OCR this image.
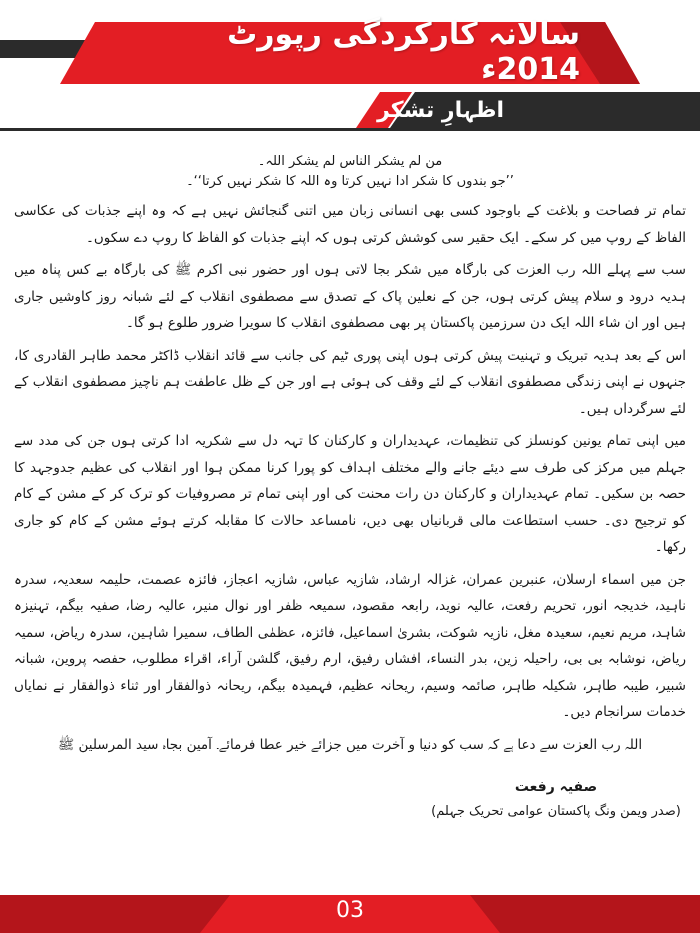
سالانہ کارکردگی رپورٹ 2014ء
اظہارِ تشکر
من لم یشکر الناس لم یشکر اللہ۔
’’جو بندوں کا شکر ادا نہیں کرتا وہ اللہ کا شکر نہیں کرتا‘‘۔

تمام تر فصاحت و بلاغت کے باوجود کسی بھی انسانی زبان میں اتنی گنجائش نہیں ہے کہ وہ اپنے جذبات کی عکاسی الفاظ کے روپ میں کر سکے۔ ایک حقیر سی کوشش کرتی ہوں کہ اپنے جذبات کو الفاظ کا روپ دے سکوں۔

سب سے پہلے اللہ رب العزت کی بارگاہ میں شکر بجا لاتی ہوں اور حضور نبی اکرم ﷺ کی بارگاہ بے کس پناہ میں ہدیہ درود و سلام پیش کرتی ہوں، جن کے نعلین پاک کے تصدق سے مصطفوی انقلاب کے لئے شبانہ روز کاوشیں جاری ہیں اور ان شاء اللہ ایک دن سرزمین پاکستان پر بھی مصطفوی انقلاب کا سویرا ضرور طلوع ہو گا۔

اس کے بعد ہدیہ تبریک و تہنیت پیش کرتی ہوں اپنی پوری ٹیم کی جانب سے قائد انقلاب ڈاکٹر محمد طاہر القادری کا، جنہوں نے اپنی زندگی مصطفوی انقلاب کے لئے وقف کی ہوئی ہے اور جن کے ظل عاطفت ہم ناچیز مصطفوی انقلاب کے لئے سرگرداں ہیں۔

میں اپنی تمام یونین کونسلز کی تنظیمات، عہدیداران و کارکنان کا تہہ دل سے شکریہ ادا کرتی ہوں جن کی مدد سے جہلم میں مرکز کی طرف سے دیئے جانے والے مختلف اہداف کو پورا کرنا ممکن ہوا اور انقلاب کی عظیم جدوجہد کا حصہ بن سکیں۔ تمام عہدیداران و کارکنان دن رات محنت کی اور اپنی تمام تر مصروفیات کو ترک کر کے مشن کے کام کو ترجیح دی۔ حسب استطاعت مالی قربانیاں بھی دیں، نامساعد حالات کا مقابلہ کرتے ہوئے مشن کے کام کو جاری رکھا۔

جن میں اسماء ارسلان، عنبرین عمران، غزالہ ارشاد، شازیہ عباس، شازیہ اعجاز، فائزہ عصمت، حلیمہ سعدیہ، سدرہ ناہید، خدیجہ انور، تحریم رفعت، عالیہ نوید، رابعہ مقصود، سمیعہ ظفر اور نوال منیر، عالیہ رضا، صفیہ بیگم، تہنیزہ شاہد، مریم نعیم، سعیدہ مغل، نازیہ شوکت، بشریٰ اسماعیل، فائزہ، عظمٰی الطاف، سمیرا شاہین، سدرہ ریاض، سمیہ ریاض، نوشابہ بی بی، راحیلہ زین، بدر النساء، افشاں رفیق، ارم رفیق، گلشن آراء، اقراء مطلوب، حفصہ پروین، شبانہ شبیر، طیبہ طاہر، شکیلہ طاہر، صائمہ وسیم، ریحانہ عظیم، فہمیدہ بیگم، ریحانہ ذوالفقار اور ثناء ذوالفقار نے نمایاں خدمات سرانجام دیں۔

اللہ رب العزت سے دعا ہے کہ سب کو دنیا و آخرت میں جزائے خیر عطا فرمائے۔ آمین بجاہ سید المرسلین ﷺ

صفیہ رفعت
(صدر ویمن ونگ پاکستان عوامی تحریک جہلم)
03
